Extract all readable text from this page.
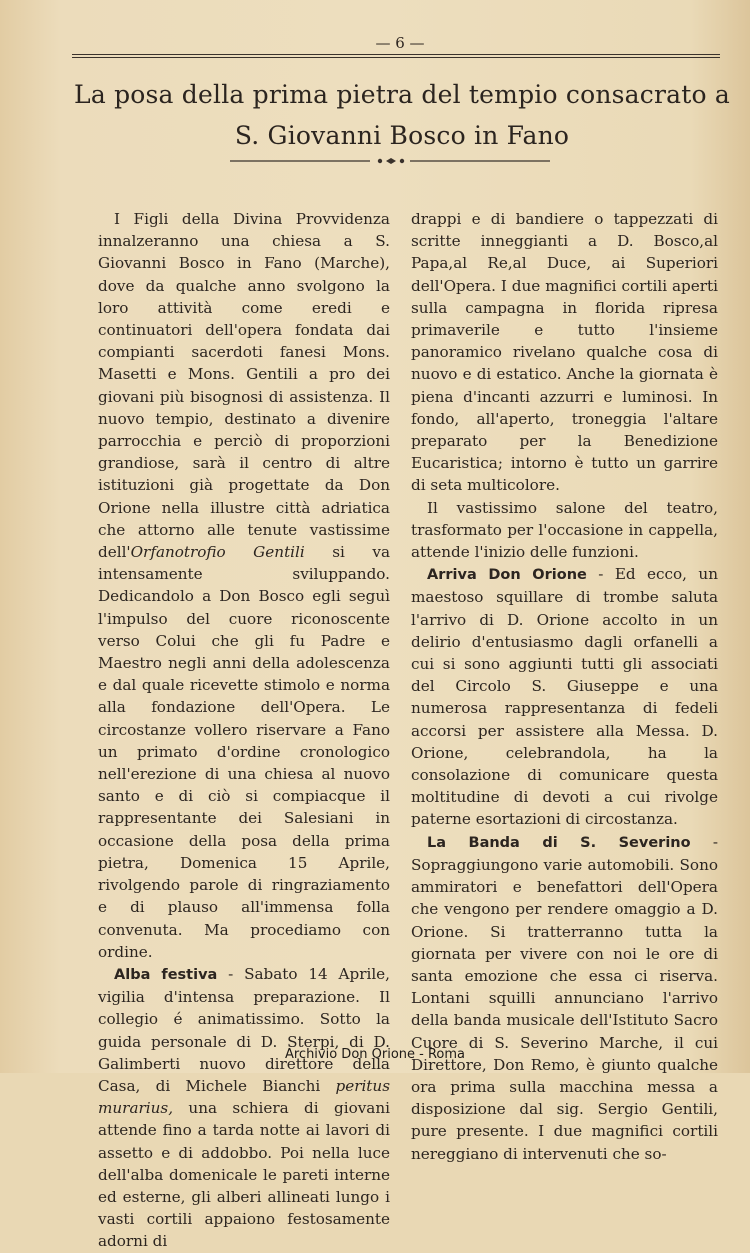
— 6 —
La posa della prima pietra del tempio consacrato a
S. Giovanni Bosco in Fano

I Figli della Divina Provvidenza innalzeranno una chiesa a S. Giovanni Bosco in Fano (Marche), dove da qualche anno svolgono la loro attività come eredi e continuatori dell'opera fondata dai compianti sacerdoti fanesi Mons. Masetti e Mons. Gentili a pro dei giovani più bisognosi di assistenza. Il nuovo tempio, destinato a divenire parrocchia e perciò di proporzioni grandiose, sarà il centro di altre istituzioni già progettate da Don Orione nella illustre città adriatica che attorno alle tenute vastissime dell'Orfanotrofio Gentili si va intensamente sviluppando. Dedicandolo a Don Bosco egli seguì l'impulso del cuore riconoscente verso Colui che gli fu Padre e Maestro negli anni della adolescenza e dal quale ricevette stimolo e norma alla fondazione dell'Opera. Le circostanze vollero riservare a Fano un primato d'ordine cronologico nell'erezione di una chiesa al nuovo santo e di ciò si compiacque il rappresentante dei Salesiani in occasione della posa della prima pietra, Domenica 15 Aprile, rivolgendo parole di ringraziamento e di plauso all'immensa folla convenuta. Ma procediamo con ordine.

Alba festiva - Sabato 14 Aprile, vigilia d'intensa preparazione. Il collegio é animatissimo. Sotto la guida personale di D. Sterpi, di D. Galimberti nuovo direttore della Casa, di Michele Bianchi peritus murarius, una schiera di giovani attende fino a tarda notte ai lavori di assetto e di addobbo. Poi nella luce dell'alba domenicale le pareti interne ed esterne, gli alberi allineati lungo i vasti cortili appaiono festosamente adorni di

drappi e di bandiere o tappezzati di scritte inneggianti a D. Bosco,al Papa,al Re,al Duce, ai Superiori dell'Opera. I due magnifici cortili aperti sulla campagna in florida ripresa primaverile e tutto l'insieme panoramico rivelano qualche cosa di nuovo e di estatico. Anche la giornata è piena d'incanti azzurri e luminosi. In fondo, all'aperto, troneggia l'altare preparato per la Benedizione Eucaristica; intorno è tutto un garrire di seta multicolore.

Il vastissimo salone del teatro, trasformato per l'occasione in cappella, attende l'inizio delle funzioni.

Arriva Don Orione - Ed ecco, un maestoso squillare di trombe saluta l'arrivo di D. Orione accolto in un delirio d'entusiasmo dagli orfanelli a cui si sono aggiunti tutti gli associati del Circolo S. Giuseppe e una numerosa rappresentanza di fedeli accorsi per assistere alla Messa. D. Orione, celebrandola, ha la consolazione di comunicare questa moltitudine di devoti a cui rivolge paterne esortazioni di circostanza.

La Banda di S. Severino - Sopraggiungono varie automobili. Sono ammiratori e benefattori dell'Opera che vengono per rendere omaggio a D. Orione. Si tratterranno tutta la giornata per vivere con noi le ore di santa emozione che essa ci riserva. Lontani squilli annunciano l'arrivo della banda musicale dell'Istituto Sacro Cuore di S. Severino Marche, il cui Direttore, Don Remo, è giunto qualche ora prima sulla macchina messa a disposizione dal sig. Sergio Gentili, pure presente. I due magnifici cortili nereggiano di intervenuti che so-

Archivio Don Orione - Roma
